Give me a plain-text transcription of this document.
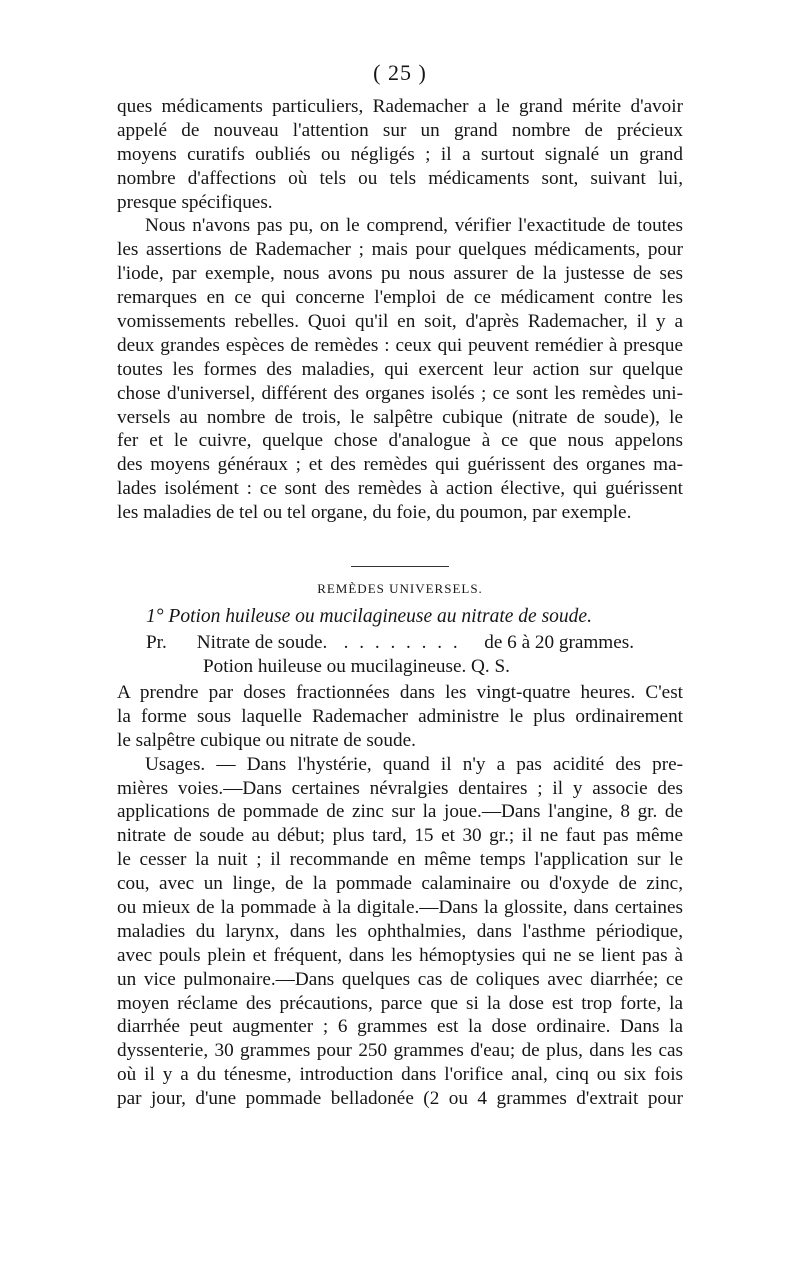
( 25 )
ques médicaments particuliers, Rademacher a le grand mérite d'avoir
appelé de nouveau l'attention sur un grand nombre de précieux
moyens curatifs oubliés ou négligés ; il a surtout signalé un grand
nombre d'affections où tels ou tels médicaments sont, suivant lui,
presque spécifiques.
Nous n'avons pas pu, on le comprend, vérifier l'exactitude de toutes
les assertions de Rademacher ; mais pour quelques médicaments, pour
l'iode, par exemple, nous avons pu nous assurer de la justesse de ses
remarques en ce qui concerne l'emploi de ce médicament contre les
vomissements rebelles. Quoi qu'il en soit, d'après Rademacher, il y a
deux grandes espèces de remèdes : ceux qui peuvent remédier à presque
toutes les formes des maladies, qui exercent leur action sur quelque
chose d'universel, différent des organes isolés ; ce sont les remèdes uni-
versels au nombre de trois, le salpêtre cubique (nitrate de soude), le
fer et le cuivre, quelque chose d'analogue à ce que nous appelons
des moyens généraux ; et des remèdes qui guérissent des organes ma-
lades isolément : ce sont des remèdes à action élective, qui guérissent
les maladies de tel ou tel organe, du foie, du poumon, par exemple.
REMÈDES UNIVERSELS.
1° Potion huileuse ou mucilagineuse au nitrate de soude.
Pr. Nitrate de soude. . . . . . . . . de 6 à 20 grammes.
Potion huileuse ou mucilagineuse. Q. S.
A prendre par doses fractionnées dans les vingt-quatre heures. C'est
la forme sous laquelle Rademacher administre le plus ordinairement
le salpêtre cubique ou nitrate de soude.
Usages. — Dans l'hystérie, quand il n'y a pas acidité des pre-
mières voies.—Dans certaines névralgies dentaires ; il y associe des
applications de pommade de zinc sur la joue.—Dans l'angine, 8 gr. de
nitrate de soude au début; plus tard, 15 et 30 gr.; il ne faut pas même
le cesser la nuit ; il recommande en même temps l'application sur le
cou, avec un linge, de la pommade calaminaire ou d'oxyde de zinc,
ou mieux de la pommade à la digitale.—Dans la glossite, dans certaines
maladies du larynx, dans les ophthalmies, dans l'asthme périodique,
avec pouls plein et fréquent, dans les hémoptysies qui ne se lient pas à
un vice pulmonaire.—Dans quelques cas de coliques avec diarrhée; ce
moyen réclame des précautions, parce que si la dose est trop forte, la
diarrhée peut augmenter ; 6 grammes est la dose ordinaire. Dans la
dyssenterie, 30 grammes pour 250 grammes d'eau; de plus, dans les cas
où il y a du ténesme, introduction dans l'orifice anal, cinq ou six fois
par jour, d'une pommade belladonée (2 ou 4 grammes d'extrait pour
